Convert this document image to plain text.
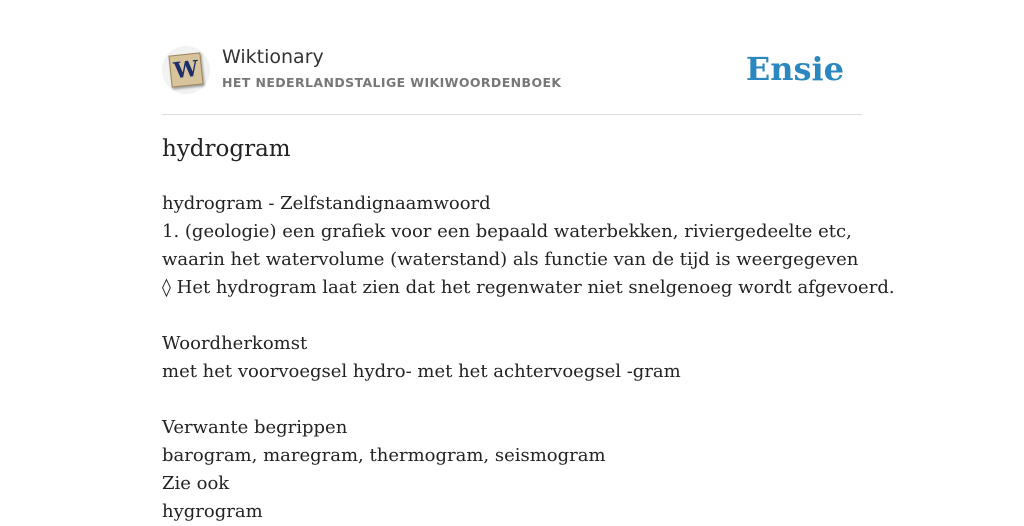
W Wiktionary
HET NEDERLANDSTALIGE WIKIWOORDENBOEK	Ensie
hydrogram
hydrogram - Zelfstandignaamwoord
1. (geologie) een grafiek voor een bepaald waterbekken, riviergedeelte etc,
waarin het watervolume (waterstand) als functie van de tijd is weergegeven
◊ Het hydrogram laat zien dat het regenwater niet snelgenoeg wordt afgevoerd.
Woordherkomst
met het voorvoegsel hydro- met het achtervoegsel -gram
Verwante begrippen
barogram, maregram, thermogram, seismogram
Zie ook
hygrogram
